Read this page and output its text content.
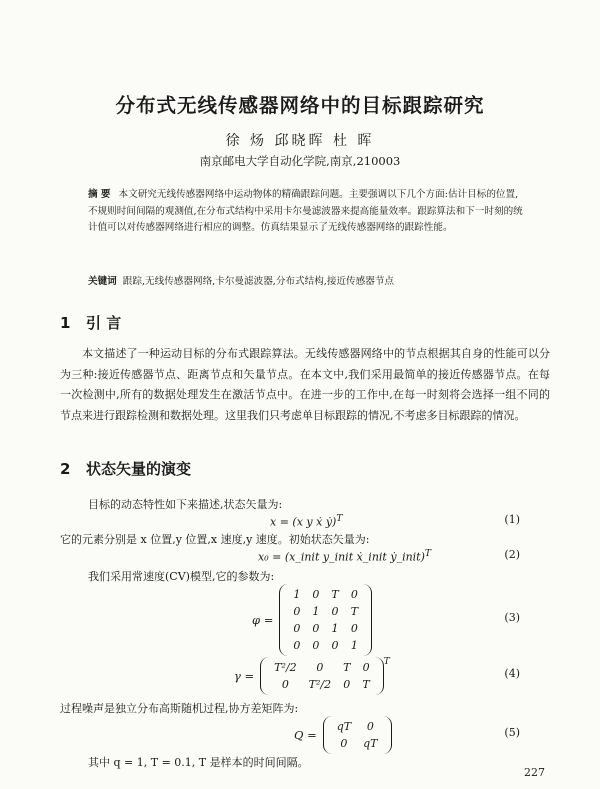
分布式无线传感器网络中的目标跟踪研究
徐 炀 邱晓晖 杜 晖
南京邮电大学自动化学院,南京,210003
摘 要 本文研究无线传感器网络中运动物体的精确跟踪问题。主要强调以下几个方面:估计目标的位置,不规则时间间隔的观测值,在分布式结构中采用卡尔曼滤波器来提高能量效率。跟踪算法和下一时刻的统计值可以对传感器网络进行相应的调整。仿真结果显示了无线传感器网络的跟踪性能。
关键词 跟踪,无线传感器网络,卡尔曼滤波器,分布式结构,接近传感器节点
1 引 言
本文描述了一种运动目标的分布式跟踪算法。无线传感器网络中的节点根据其自身的性能可以分为三种:接近传感器节点、距离节点和矢量节点。在本文中,我们采用最简单的接近传感器节点。在每一次检测中,所有的数据处理发生在激活节点中。在进一步的工作中,在每一时刻将会选择一组不同的节点来进行跟踪检测和数据处理。这里我们只考虑单目标跟踪的情况,不考虑多目标跟踪的情况。
2 状态矢量的演变
目标的动态特性如下来描述,状态矢量为:
x = (x y ẋ ẏ)$^T$	(1)
它的元素分别是 x 位置,y 位置,x 速度,y 速度。初始状态矢量为:
x₀ = (x_init y_init ẋ_init ẏ_init)$^T$	(2)
我们采用常速度(CV)模型,它的参数为:
φ =
1	0	T	0
0	1	0	T
0	0	1	0
0	0	0	1
(3)
γ =
T²/2	0	T	0
0	T²/2	0	T
$^T$
(4)
过程噪声是独立分布高斯随机过程,协方差矩阵为:
Q =
qT	0
0	qT
(5)
其中 q = 1, T = 0.1, T 是样本的时间间隔。
227
